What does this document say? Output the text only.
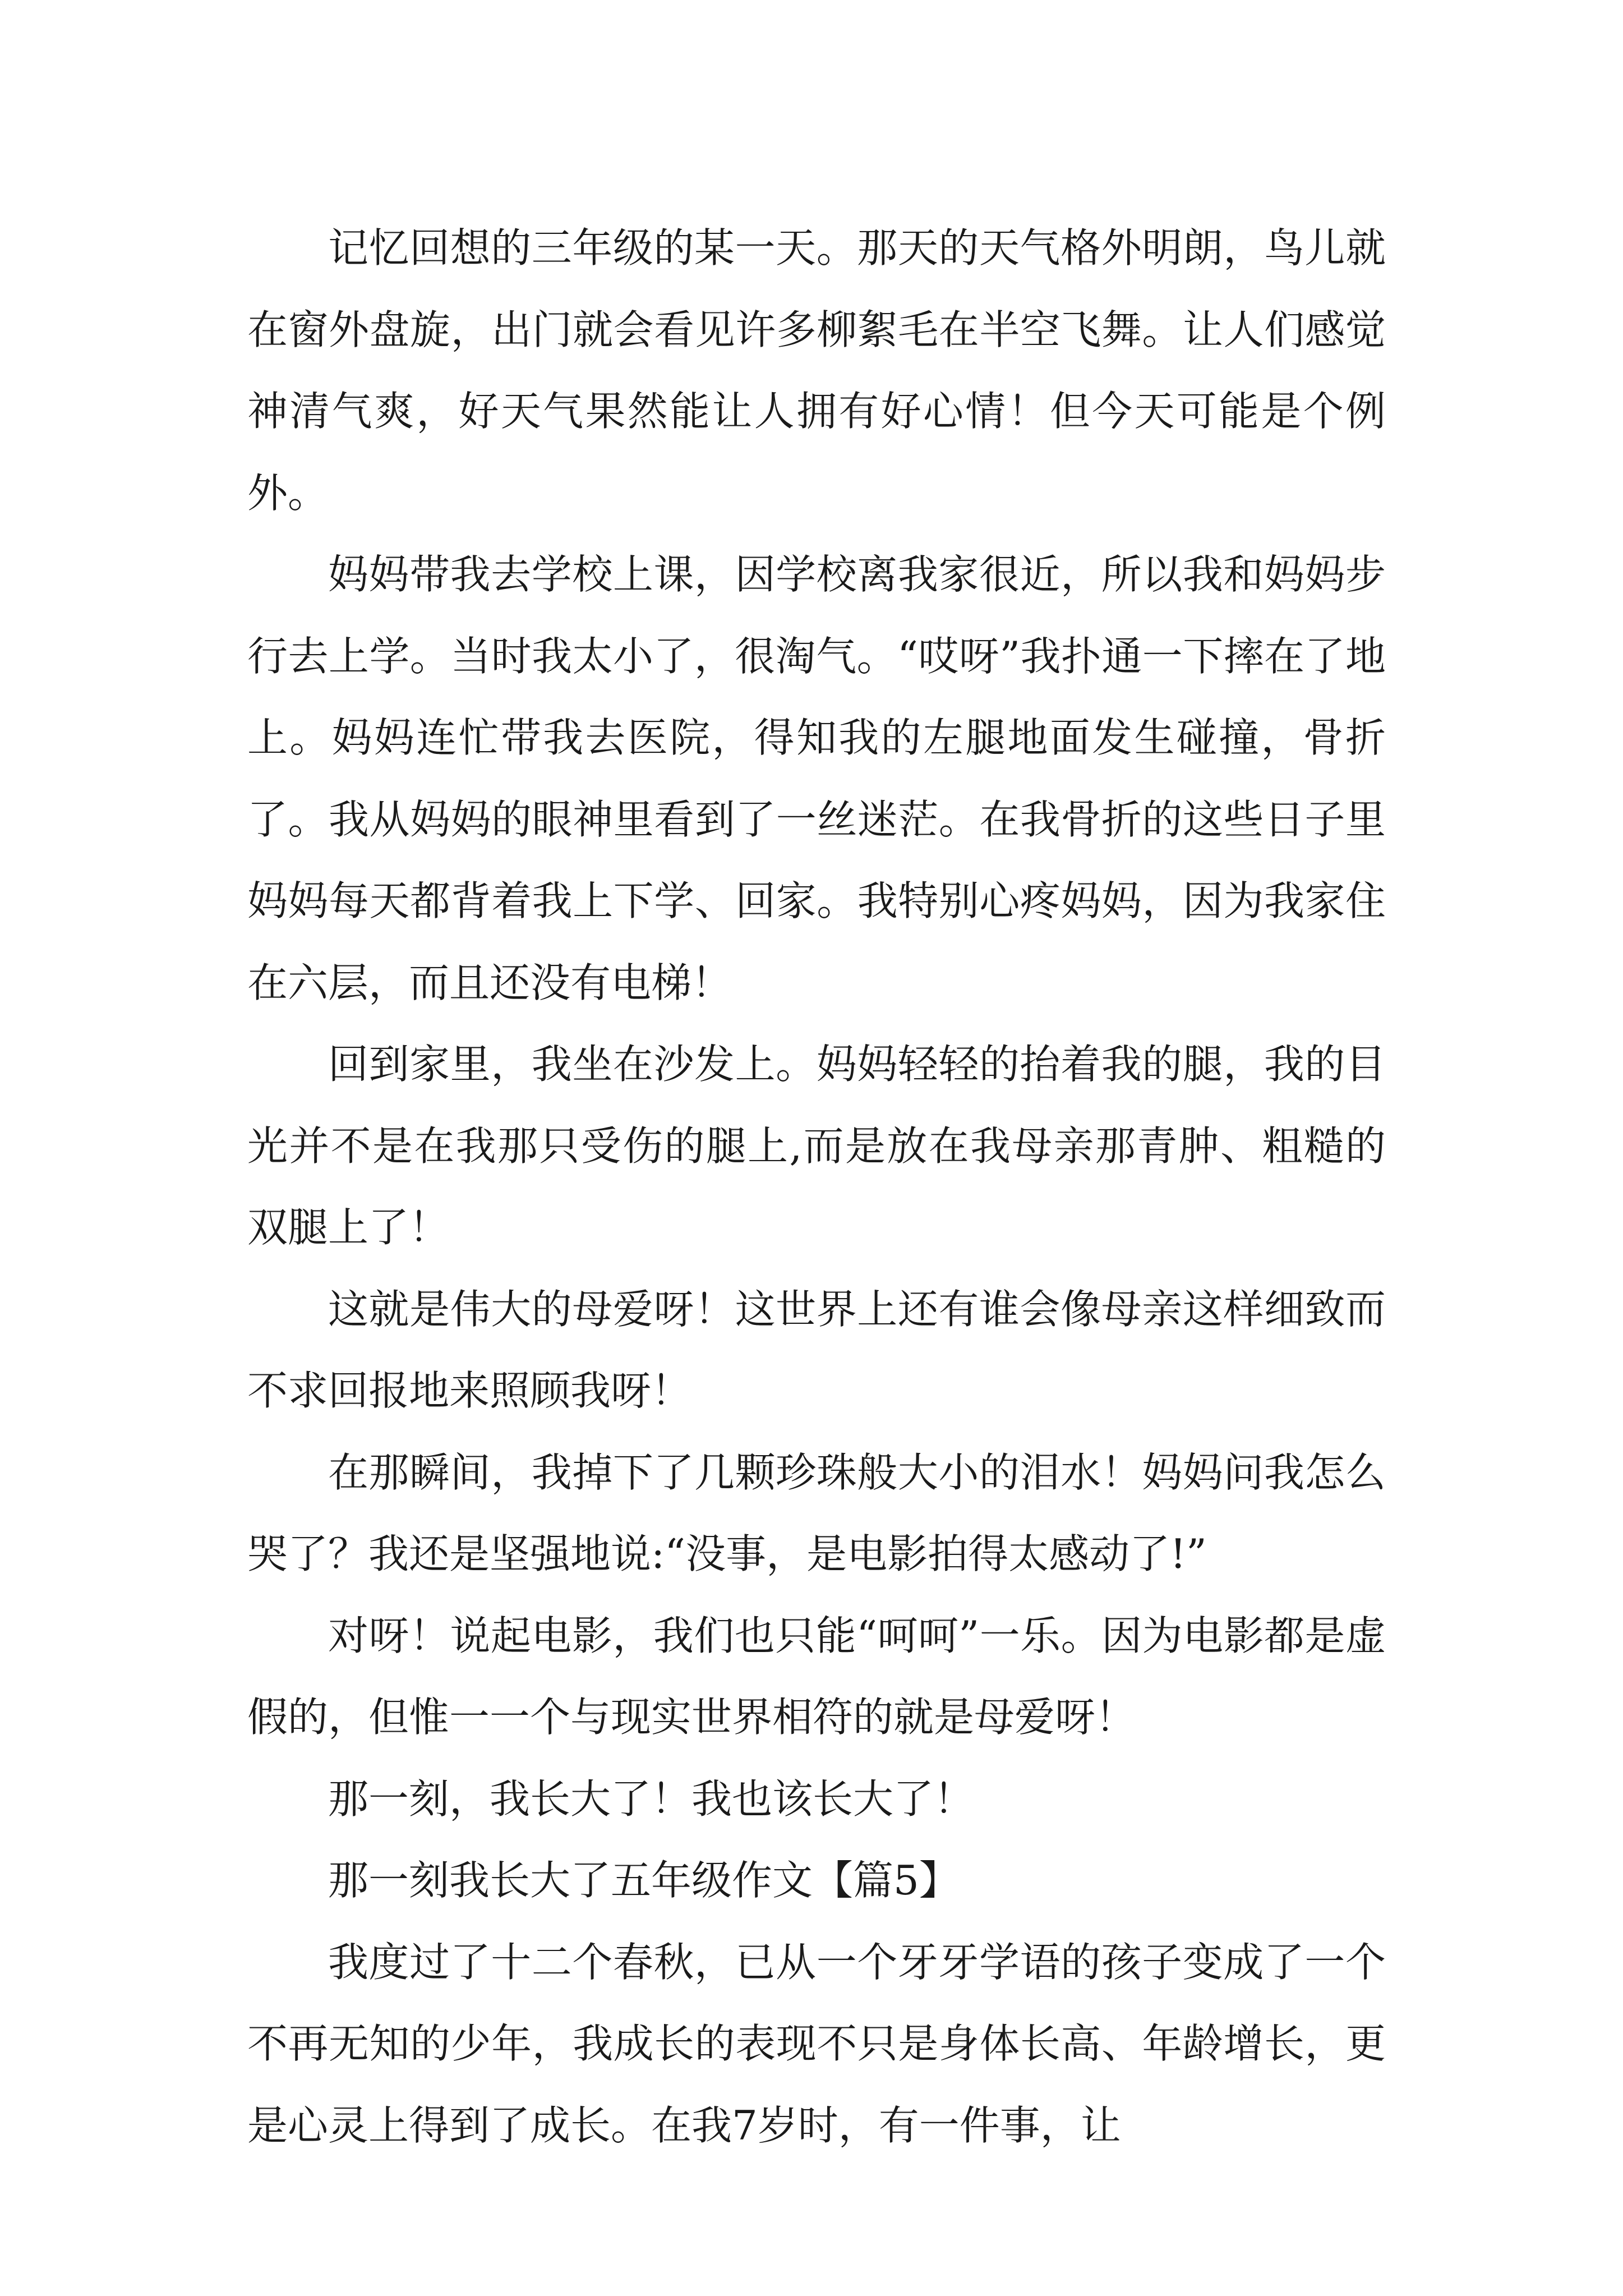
记忆回想的三年级的某一天。那天的天气格外明朗，鸟儿就在窗外盘旋，出门就会看见许多柳絮毛在半空飞舞。让人们感觉神清气爽，好天气果然能让人拥有好心情！但今天可能是个例外。

妈妈带我去学校上课，因学校离我家很近，所以我和妈妈步行去上学。当时我太小了，很淘气。“哎呀”我扑通一下摔在了地上。妈妈连忙带我去医院，得知我的左腿地面发生碰撞，骨折了。我从妈妈的眼神里看到了一丝迷茫。在我骨折的这些日子里妈妈每天都背着我上下学、回家。我特别心疼妈妈，因为我家住在六层，而且还没有电梯！

回到家里，我坐在沙发上。妈妈轻轻的抬着我的腿，我的目光并不是在我那只受伤的腿上,而是放在我母亲那青肿、粗糙的双腿上了！

这就是伟大的母爱呀！这世界上还有谁会像母亲这样细致而不求回报地来照顾我呀！

在那瞬间，我掉下了几颗珍珠般大小的泪水！妈妈问我怎么哭了？我还是坚强地说:“没事，是电影拍得太感动了!”

对呀！说起电影，我们也只能“呵呵”一乐。因为电影都是虚假的，但惟一一个与现实世界相符的就是母爱呀！

那一刻，我长大了！我也该长大了！

那一刻我长大了五年级作文【篇5】

我度过了十二个春秋，已从一个牙牙学语的孩子变成了一个不再无知的少年，我成长的表现不只是身体长高、年龄增长，更是心灵上得到了成长。在我7岁时，有一件事，让
